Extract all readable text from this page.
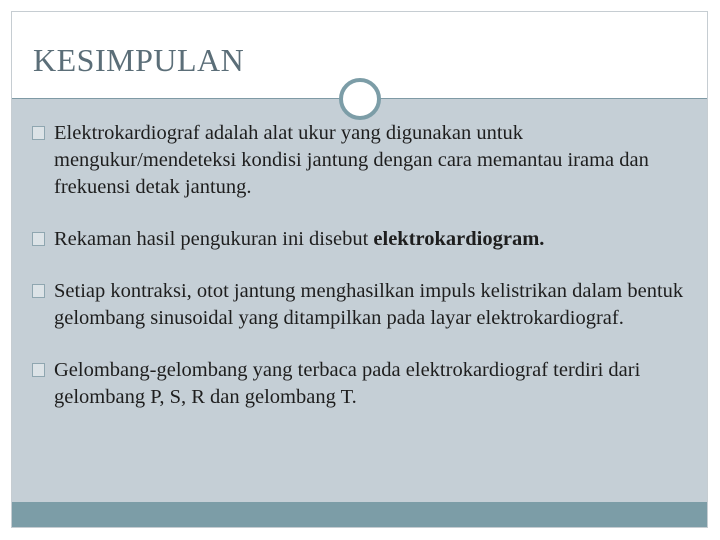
KESIMPULAN
Elektrokardiograf adalah alat ukur yang digunakan untuk mengukur/mendeteksi kondisi jantung dengan cara memantau irama dan frekuensi detak jantung.
Rekaman hasil pengukuran ini disebut elektrokardiogram.
Setiap kontraksi, otot jantung menghasilkan impuls kelistrikan dalam bentuk gelombang sinusoidal yang ditampilkan pada layar elektrokardiograf.
Gelombang-gelombang yang terbaca pada elektrokardiograf terdiri dari gelombang P, S, R dan gelombang T.
